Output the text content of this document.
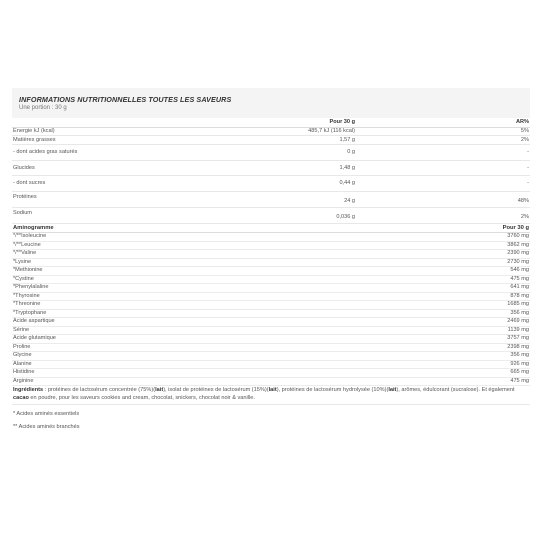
INFORMATIONS NUTRITIONNELLES TOUTES LES SAVEURS
Une portion : 30 g
	Pour 30 g	AR%
Energie kJ (kcal)	485,7 kJ (116 kcal)	5%
Matières grasses	1,57 g	2%
- dont acides gras saturés	0 g	-
Glucides	1,48 g	-
- dont sucres	0,44 g	-
Protéines	24 g	48%
Sodium	0,036 g	2%
Aminogramme	Pour 30 g
*/**Isoleucine	3760 mg
*/**Leucine	3862 mg
*/**Valine	2390 mg
*Lysine	2730 mg
*Methionine	546 mg
*Cystine	475 mg
*Phenylalaline	641 mg
*Thyrosine	878 mg
*Threonine	1685 mg
*Tryptophane	356 mg
Acide aspartique	2469 mg
Sérine	1139 mg
Acide glutamique	3757 mg
Proline	2398 mg
Glycine	356 mg
Alanine	926 mg
Histidine	665 mg
Arginine	475 mg
Ingrédients : protéines de lactosérum concentrée (75%)(lait), isolat de protéines de lactosérum (15%)(lait), protéines de lactosérum hydrolysée (10%)(lait), arômes, édulcorant (sucralose). Et également cacao en poudre, pour les saveurs cookies and cream, chocolat, snickers, chocolat noir & vanille.
* Acides aminés essentiels
** Acides aminés branchés
